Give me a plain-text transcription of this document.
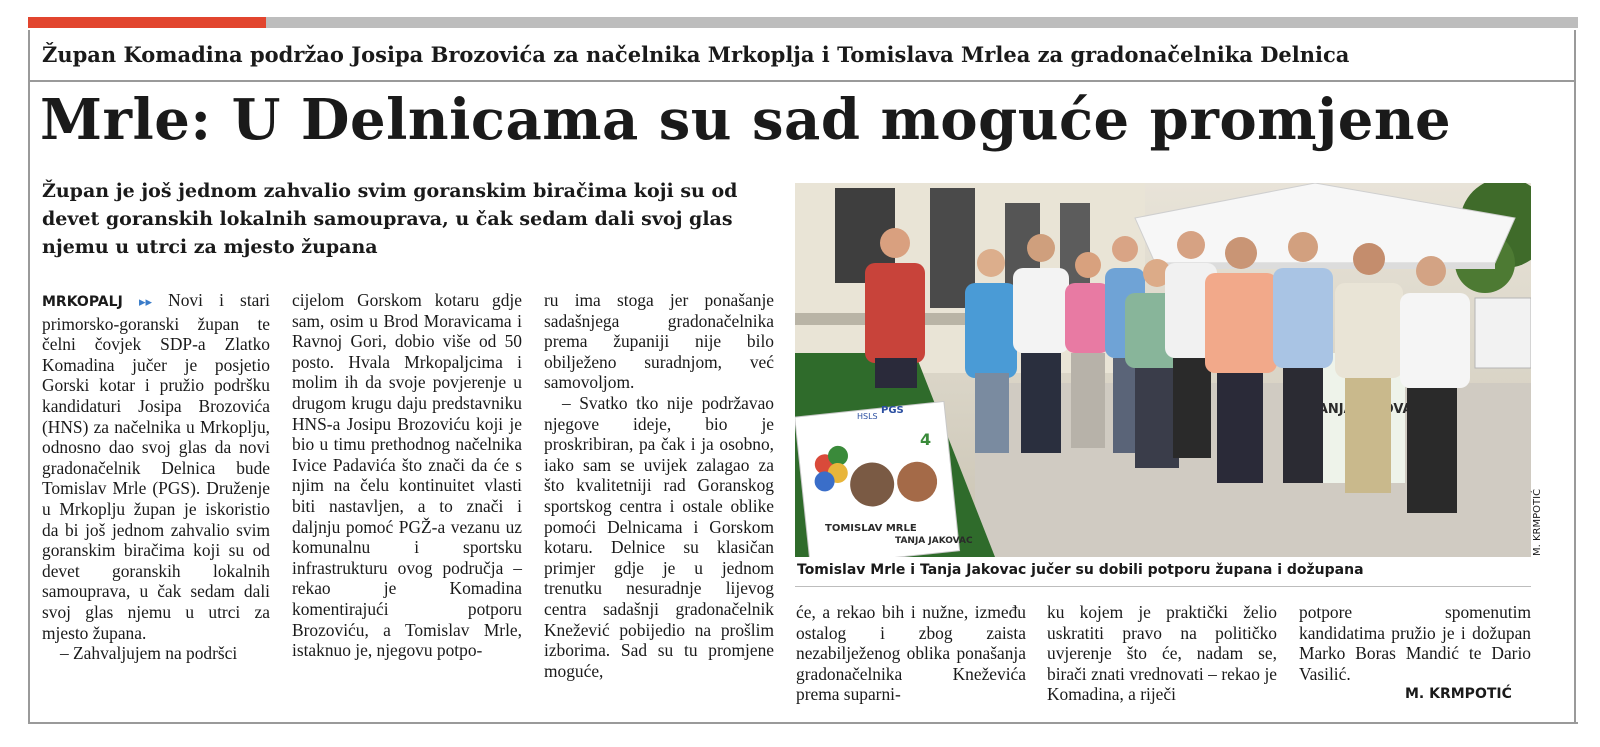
Župan Komadina podržao Josipa Brozovića za načelnika Mrkoplja i Tomislava Mrlea za gradonačelnika Delnica
Mrle: U Delnicama su sad moguće promjene
Župan je još jednom zahvalio svim goranskim biračima koji su od devet goranskih lokalnih samouprava, u čak sedam dali svoj glas njemu u utrci za mjesto župana

MRKOPALJ ▸▸ Novi i stari primorsko-goranski župan te čelni čovjek SDP-a Zlatko Komadina jučer je posjetio Gorski kotar i pružio podršku kandidaturi Josipa Brozovića (HNS) za načelnika u Mrkoplju, odnosno dao svoj glas da novi gradonačelnik Delnica bude Tomislav Mrle (PGS). Druženje u Mrkoplju župan je iskoristio da bi još jednom zahvalio svim goranskim biračima koji su od devet goranskih lokalnih samouprava, u čak sedam dali svoj glas njemu u utrci za mjesto župana.

– Zahvaljujem na podršci

cijelom Gorskom kotaru gdje sam, osim u Brod Moravicama i Ravnoj Gori, dobio više od 50 posto. Hvala Mrkopaljcima i molim ih da svoje povjerenje u drugom krugu daju predstavniku HNS-a Josipu Brozoviću koji je bio u timu prethodnog načelnika Ivice Padavića što znači da će s njim na čelu kontinuitet vlasti biti nastavljen, a to znači i daljnju pomoć PGŽ-a vezanu uz komunalnu i sportsku infrastrukturu ovog područja – rekao je Komadina komentirajući potporu Brozoviću, a Tomislav Mrle, istaknuo je, njegovu potpo-

ru ima stoga jer ponašanje sadašnjega gradonačelnika prema županiji nije bilo obilježeno suradnjom, već samovoljom.

– Svatko tko nije podržavao njegove ideje, bio je proskribiran, pa čak i ja osobno, iako sam se uvijek zalagao za što kvalitetniji rad Goranskog sportskog centra i ostale oblike pomoći Delnicama i Gorskom kotaru. Delnice su klasičan primjer gdje je u jednom trenutku nesuradnje lijevog centra sadašnji gradonačelnik Knežević pobijedio na prošlim izborima. Sad su tu promjene moguće,

HSLS
PGS
4
TOMISLAV MRLE
TANJA JAKOVAC
TANJA
M. KRMPOTIĆ
Tomislav Mrle i Tanja Jakovac jučer su dobili potporu župana i dožupana

će, a rekao bih i nužne, između ostalog i zbog zaista nezabilježenog oblika ponašanja gradonačelnika Kneževića prema suparni-

ku kojem je praktički želio uskratiti pravo na političko uvjerenje što će, nadam se, birači znati vrednovati – rekao je Komadina, a riječi

potpore spomenutim kandidatima pružio je i dožupan Marko Boras Mandić te Dario Vasilić.

M. KRMPOTIĆ
